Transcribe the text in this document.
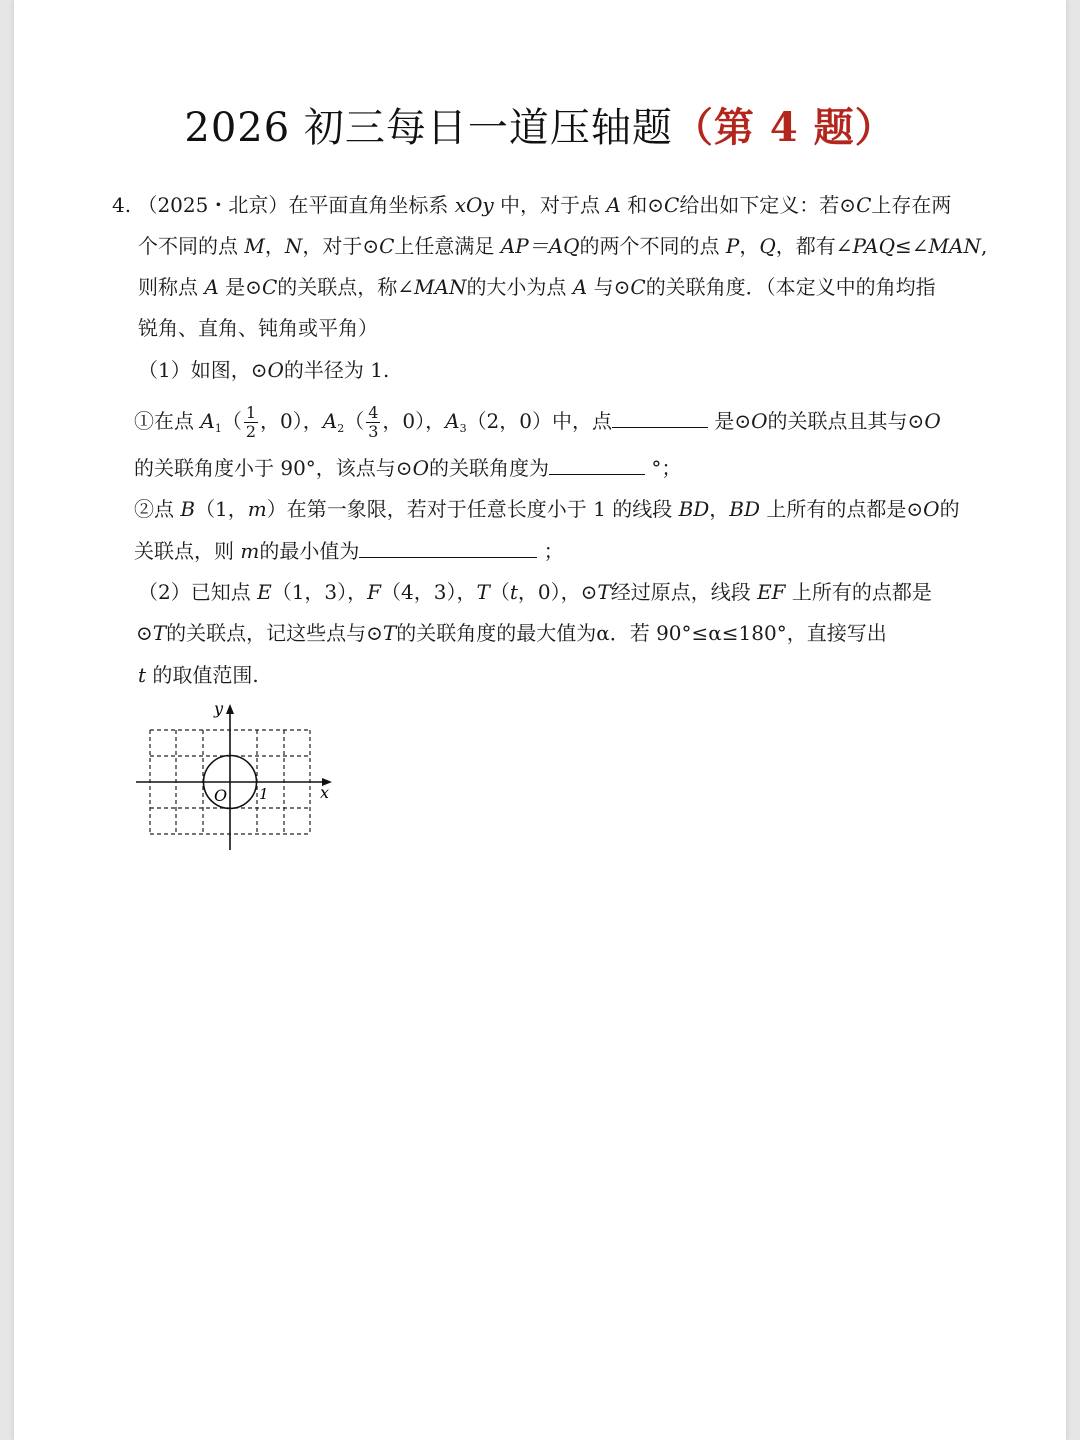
2026 初三每日一道压轴题（第 4 题）
4. （2025・北京）在平面直角坐标系 xOy 中，对于点 A 和⊙C给出如下定义：若⊙C上存在两
个不同的点 M，N，对于⊙C上任意满足 AP＝AQ的两个不同的点 P，Q，都有∠PAQ≤∠MAN,
则称点 A 是⊙C的关联点，称∠MAN的大小为点 A 与⊙C的关联角度．（本定义中的角均指
锐角、直角、钝角或平角）
（1）如图，⊙O的半径为 1.
①在点 $A_1( \frac{1}{2}$ ，0），$A_2( \frac{4}{3}$ ，0），$A_3(2$，0）中，点	是⊙O的关联点且其与⊙O
的关联角度小于 90°，该点与⊙O的关联角度为	°；
②点 B（1，m）在第一象限，若对于任意长度小于 1 的线段 BD，BD 上所有的点都是⊙O的
关联点，则 m的最小值为	；
（2）已知点 E（1，3），F（4，3），T（t，0），⊙T经过原点，线段 EF 上所有的点都是
⊙T的关联点，记这些点与⊙T的关联角度的最大值为α．若 90°≤α≤180°，直接写出
t 的取值范围.
y
x
O 1
